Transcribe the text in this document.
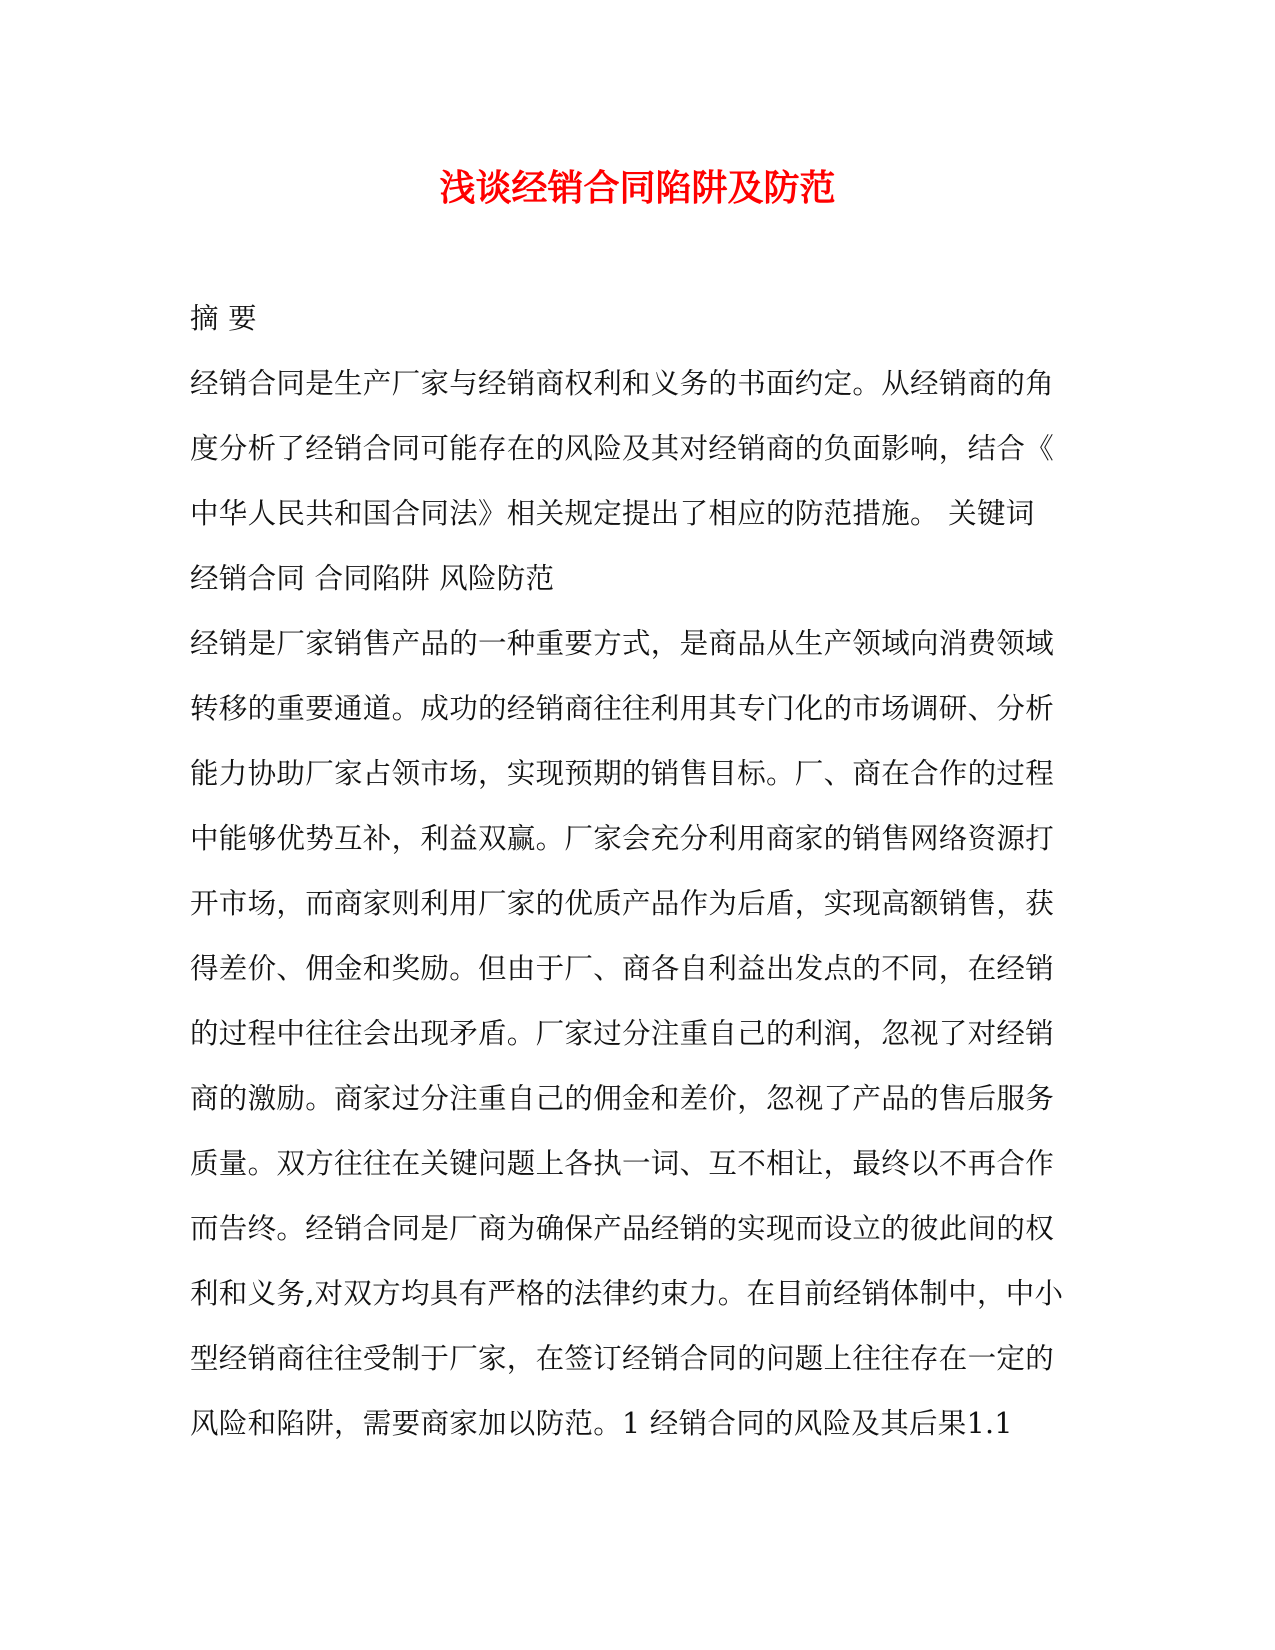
浅谈经销合同陷阱及防范
摘 要
经销合同是生产厂家与经销商权利和义务的书面约定。从经销商的角
度分析了经销合同可能存在的风险及其对经销商的负面影响，结合《
中华人民共和国合同法》相关规定提出了相应的防范措施。 关键词
经销合同 合同陷阱 风险防范
经销是厂家销售产品的一种重要方式，是商品从生产领域向消费领域
转移的重要通道。成功的经销商往往利用其专门化的市场调研、分析
能力协助厂家占领市场，实现预期的销售目标。厂、商在合作的过程
中能够优势互补，利益双赢。厂家会充分利用商家的销售网络资源打
开市场，而商家则利用厂家的优质产品作为后盾，实现高额销售，获
得差价、佣金和奖励。但由于厂、商各自利益出发点的不同，在经销
的过程中往往会出现矛盾。厂家过分注重自己的利润，忽视了对经销
商的激励。商家过分注重自己的佣金和差价，忽视了产品的售后服务
质量。双方往往在关键问题上各执一词、互不相让，最终以不再合作
而告终。经销合同是厂商为确保产品经销的实现而设立的彼此间的权
利和义务,对双方均具有严格的法律约束力。在目前经销体制中，中小
型经销商往往受制于厂家，在签订经销合同的问题上往往存在一定的
风险和陷阱，需要商家加以防范。1 经销合同的风险及其后果1.1
